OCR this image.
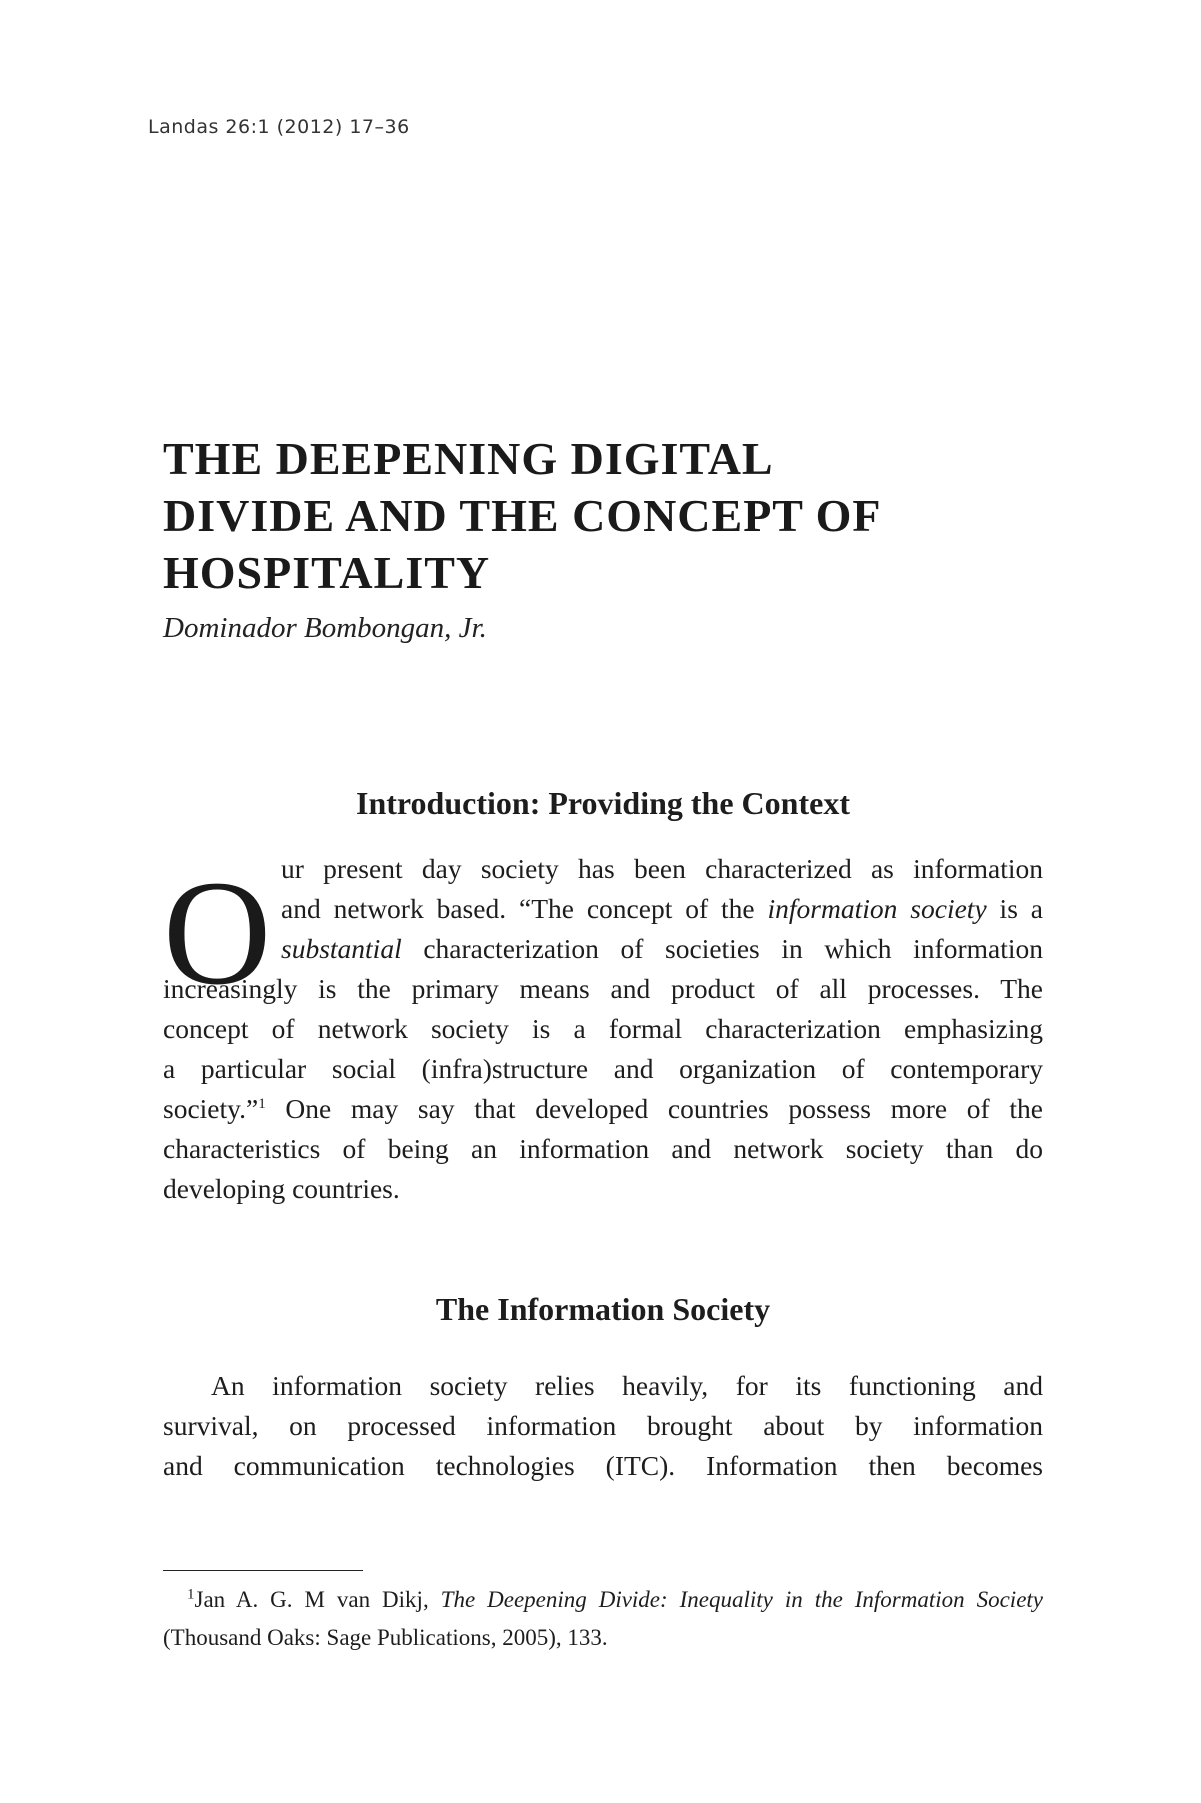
Landas 26:1 (2012) 17–36
THE DEEPENING DIGITAL
DIVIDE AND THE CONCEPT OF
HOSPITALITY
Dominador Bombongan, Jr.
Introduction: Providing the Context
O ur present day society has been characterized as information
and network based. “The concept of the information society is a
substantial characterization of societies in which information
increasingly is the primary means and product of all processes. The
concept of network society is a formal characterization emphasizing
a particular social (infra)structure and organization of contemporary
society.”$^1$ One may say that developed countries possess more of the
characteristics of being an information and network society than do
developing countries.
The Information Society
An information society relies heavily, for its functioning and
survival, on processed information brought about by information
and communication technologies (ITC). Information then becomes
$^1$Jan A. G. M van Dikj, The Deepening Divide: Inequality in the Information Society
(Thousand Oaks: Sage Publications, 2005), 133.
